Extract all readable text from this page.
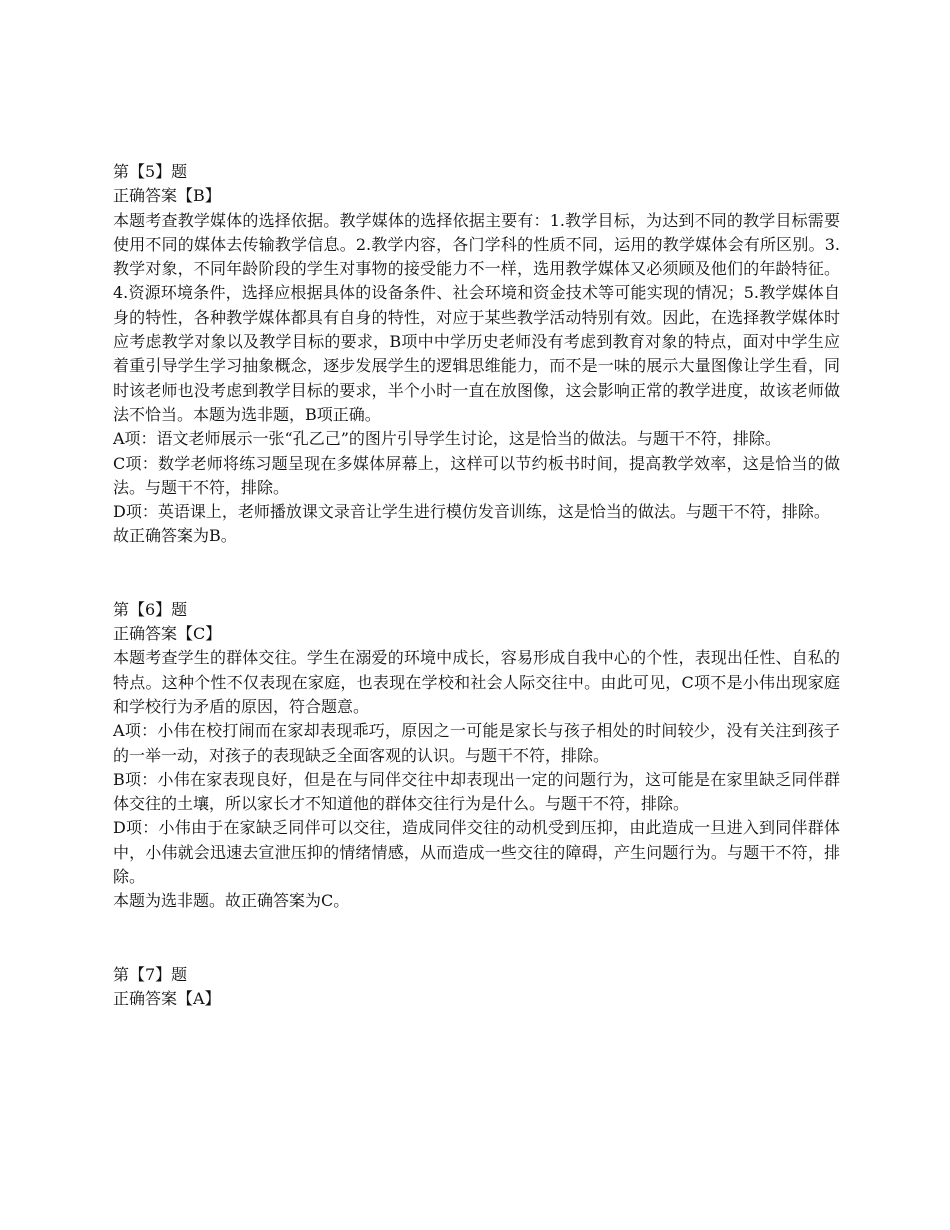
第【5】题

正确答案【B】

本题考查教学媒体的选择依据。教学媒体的选择依据主要有：1.教学目标，为达到不同的教学目标需要使用不同的媒体去传输教学信息。2.教学内容，各门学科的性质不同，运用的教学媒体会有所区别。3.教学对象，不同年龄阶段的学生对事物的接受能力不一样，选用教学媒体又必须顾及他们的年龄特征。4.资源环境条件，选择应根据具体的设备条件、社会环境和资金技术等可能实现的情况；5.教学媒体自身的特性，各种教学媒体都具有自身的特性，对应于某些教学活动特别有效。因此，在选择教学媒体时应考虑教学对象以及教学目标的要求，B项中中学历史老师没有考虑到教育对象的特点，面对中学生应着重引导学生学习抽象概念，逐步发展学生的逻辑思维能力，而不是一味的展示大量图像让学生看，同时该老师也没考虑到教学目标的要求，半个小时一直在放图像，这会影响正常的教学进度，故该老师做法不恰当。本题为选非题，B项正确。

A项：语文老师展示一张“孔乙己”的图片引导学生讨论，这是恰当的做法。与题干不符，排除。

C项：数学老师将练习题呈现在多媒体屏幕上，这样可以节约板书时间，提高教学效率，这是恰当的做法。与题干不符，排除。

D项：英语课上，老师播放课文录音让学生进行模仿发音训练，这是恰当的做法。与题干不符，排除。

故正确答案为B。

第【6】题

正确答案【C】

本题考查学生的群体交往。学生在溺爱的环境中成长，容易形成自我中心的个性，表现出任性、自私的特点。这种个性不仅表现在家庭，也表现在学校和社会人际交往中。由此可见，C项不是小伟出现家庭和学校行为矛盾的原因，符合题意。

A项：小伟在校打闹而在家却表现乖巧，原因之一可能是家长与孩子相处的时间较少，没有关注到孩子的一举一动，对孩子的表现缺乏全面客观的认识。与题干不符，排除。

B项：小伟在家表现良好，但是在与同伴交往中却表现出一定的问题行为，这可能是在家里缺乏同伴群体交往的土壤，所以家长才不知道他的群体交往行为是什么。与题干不符，排除。

D项：小伟由于在家缺乏同伴可以交往，造成同伴交往的动机受到压抑，由此造成一旦进入到同伴群体中，小伟就会迅速去宣泄压抑的情绪情感，从而造成一些交往的障碍，产生问题行为。与题干不符，排除。

本题为选非题。故正确答案为C。

第【7】题

正确答案【A】
